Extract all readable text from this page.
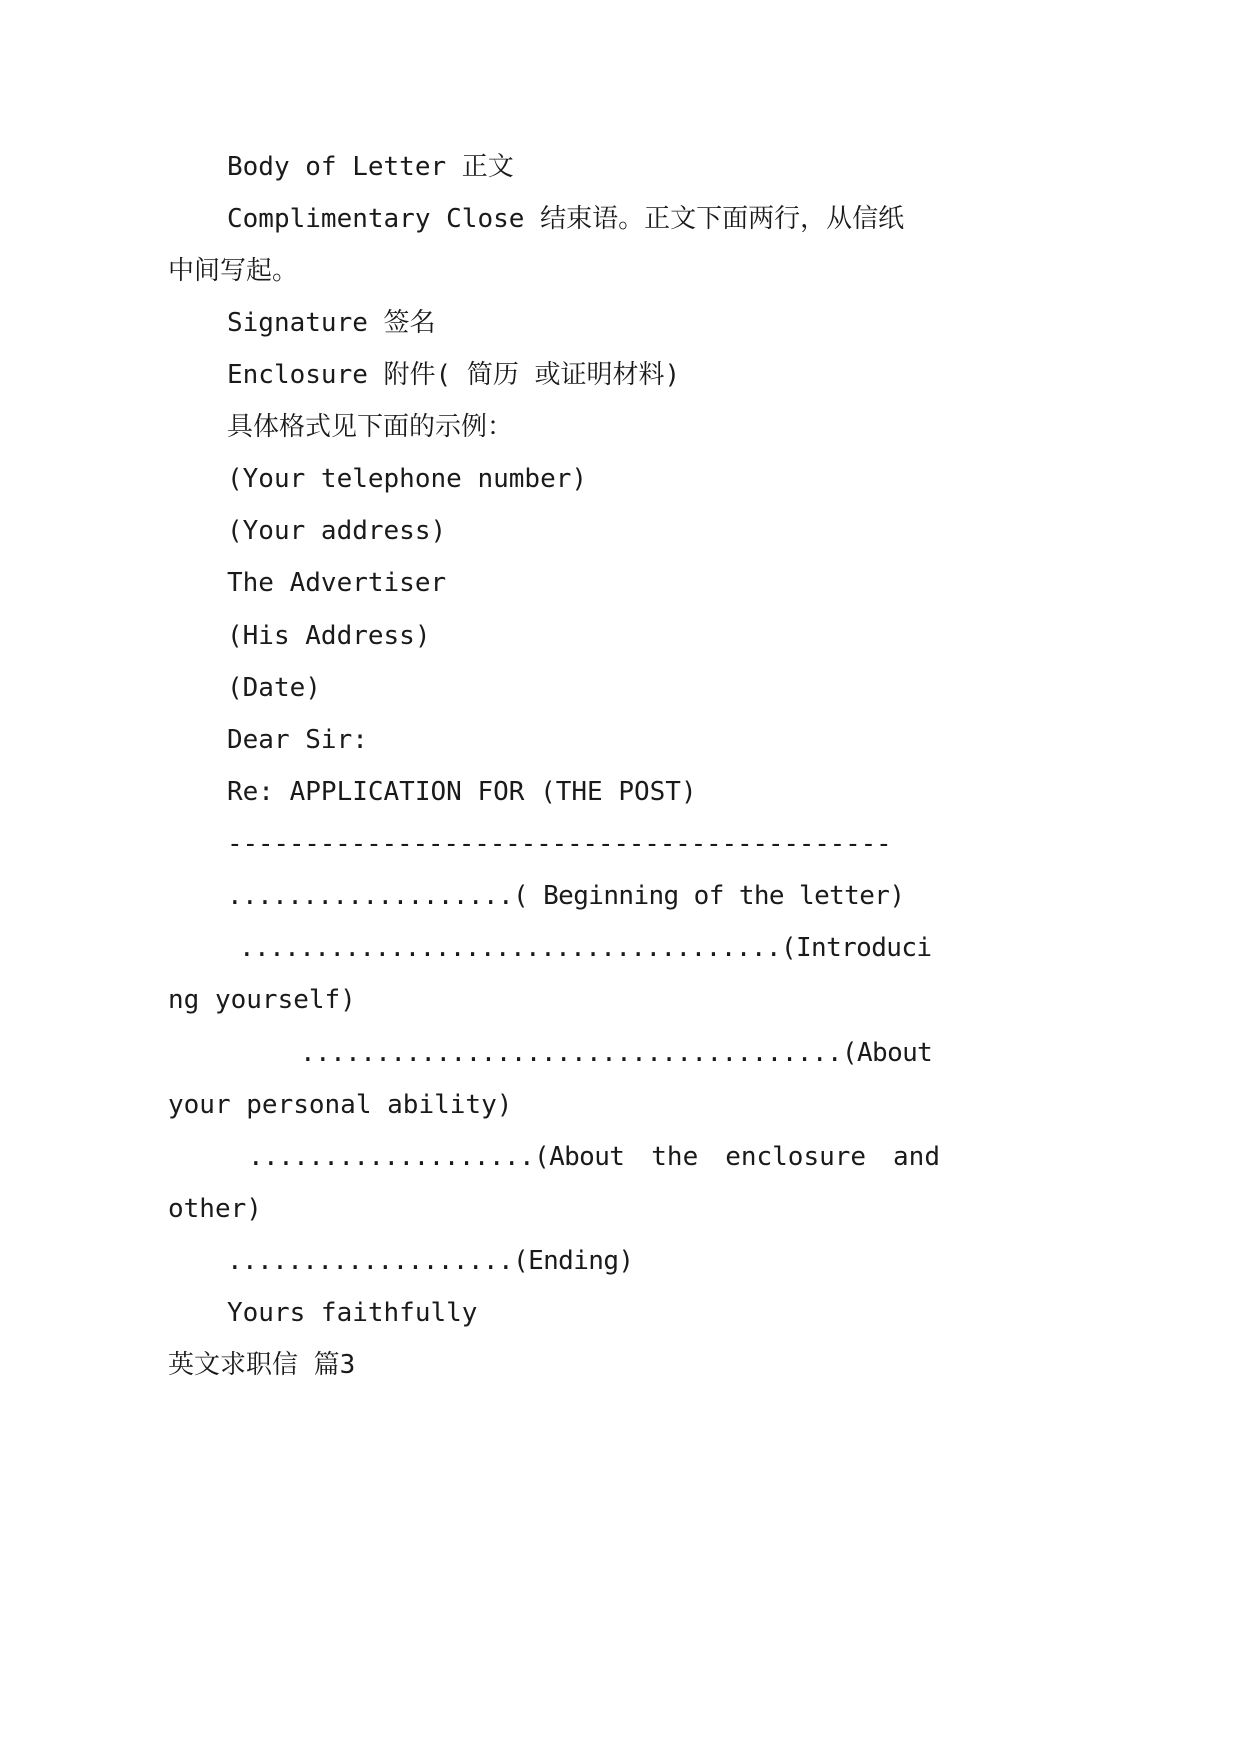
Body of Letter 正文

Complimentary Close 结束语。正文下面两行，从信纸

中间写起。

Signature 签名

Enclosure 附件( 简历 或证明材料)

具体格式见下面的示例：

(Your telephone number)

(Your address)

The Advertiser

(His Address)

(Date)

Dear Sir:

Re: APPLICATION FOR (THE POST)

-------------------------------------------

...................( Beginning of the letter)

....................................(Introduci

ng yourself)

....................................(About

your personal ability)

...................(About the enclosure and

other)

...................(Ending)

Yours faithfully

英文求职信 篇3
